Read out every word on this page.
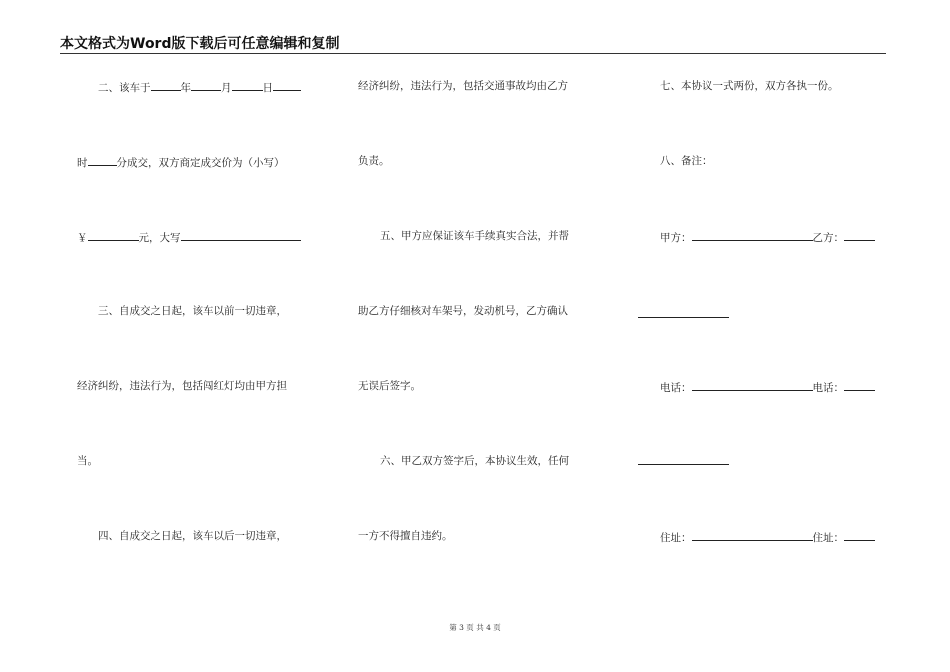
本文格式为Word版下载后可任意编辑和复制
二、该车于	年	月	日
时	分成交，双方商定成交价为（小写）
￥	元，大写
三、自成交之日起，该车以前一切违章，
经济纠纷，违法行为，包括闯红灯均由甲方担
当。
四、自成交之日起，该车以后一切违章，
经济纠纷，违法行为，包括交通事故均由乙方
负责。
五、甲方应保证该车手续真实合法，并帮
助乙方仔细核对车架号，发动机号，乙方确认
无误后签字。
六、甲乙双方签字后，本协议生效，任何
一方不得擅自违约。
七、本协议一式两份，双方各执一份。
八、备注：
甲方：	乙方：
电话：	电话：
住址：	住址：
第 3 页 共 4 页
